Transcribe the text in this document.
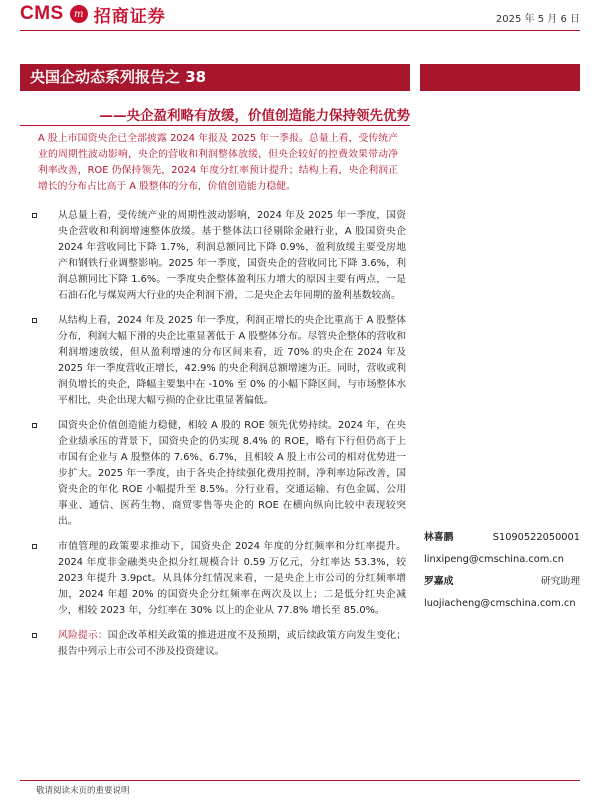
CMS	m 招商证券	2025 年 5 月 6 日
央国企动态系列报告之 38
——央企盈利略有放缓，价值创造能力保持领先优势
A 股上市国资央企已全部披露 2024 年报及 2025 年一季报。总量上看，受传统产业的周期性波动影响，央企的营收和利润整体放缓，但央企较好的控费效果带动净利率改善，ROE 仍保持领先，2024 年度分红率预计提升；结构上看，央企利润正增长的分布占比高于 A 股整体的分布，价值创造能力稳健。
从总量上看，受传统产业的周期性波动影响，2024 年及 2025 年一季度，国资央企营收和利润增速整体放缓。基于整体法口径剔除金融行业，A 股国资央企 2024 年营收同比下降 1.7%，利润总额同比下降 0.9%，盈利放缓主要受房地产和钢铁行业调整影响。2025 年一季度，国资央企的营收同比下降 3.6%，利润总额同比下降 1.6%。一季度央企整体盈利压力增大的原因主要有两点，一是石油石化与煤炭两大行业的央企利润下滑，二是央企去年同期的盈利基数较高。
从结构上看，2024 年及 2025 年一季度，利润正增长的央企比重高于 A 股整体分布，利润大幅下滑的央企比重显著低于 A 股整体分布。尽管央企整体的营收和利润增速放缓，但从盈利增速的分布区间来看，近 70% 的央企在 2024 年及 2025 年一季度营收正增长，42.9% 的央企利润总额增速为正。同时，营收或利润负增长的央企，降幅主要集中在 -10% 至 0% 的小幅下降区间，与市场整体水平相比，央企出现大幅亏损的企业比重显著偏低。
国资央企价值创造能力稳健，相较 A 股的 ROE 领先优势持续。2024 年，在央企业绩承压的背景下，国资央企的仍实现 8.4% 的 ROE，略有下行但仍高于上市国有企业与 A 股整体的 7.6%、6.7%，且相较 A 股上市公司的相对优势进一步扩大。2025 年一季度，由于各央企持续强化费用控制，净利率边际改善，国资央企的年化 ROE 小幅提升至 8.5%。分行业看，交通运输、有色金属、公用事业、通信、医药生物、商贸零售等央企的 ROE 在横向纵向比较中表现较突出。
市值管理的政策要求推动下，国资央企 2024 年度的分红频率和分红率提升。2024 年度非金融类央企拟分红规模合计 0.59 万亿元，分红率达 53.3%，较 2023 年提升 3.9pct。从具体分红情况来看，一是央企上市公司的分红频率增加，2024 年超 20% 的国资央企分红频率在两次及以上；二是低分红央企减少，相较 2023 年，分红率在 30% 以上的企业从 77.8% 增长至 85.0%。
风险提示：国企改革相关政策的推进进度不及预期，或后续政策方向发生变化；报告中列示上市公司不涉及投资建议。
林喜鹏	S1090522050001
linxipeng@cmschina.com.cn
罗嘉成	研究助理
luojiacheng@cmschina.com.cn
敬请阅读末页的重要说明
